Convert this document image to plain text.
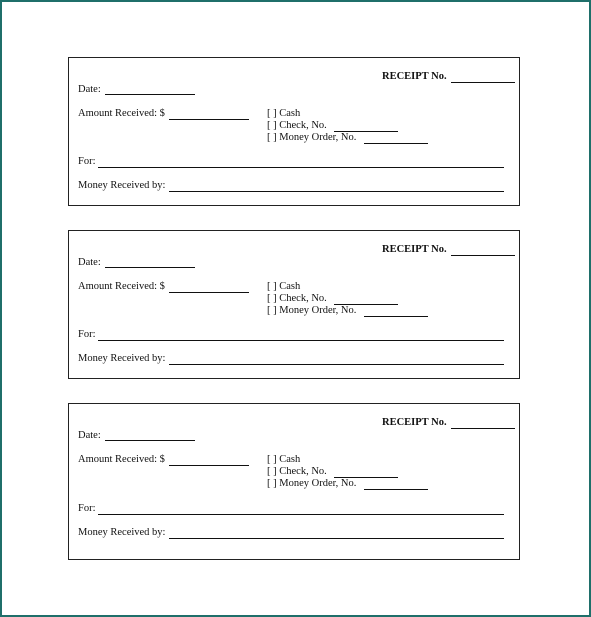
RECEIPT No.
Date:
Amount Received: $	[ ] Cash
[ ] Check, No.
[ ] Money Order, No.
For:
Money Received by:
RECEIPT No.
Date:
Amount Received: $	[ ] Cash
[ ] Check, No.
[ ] Money Order, No.
For:
Money Received by:
RECEIPT No.
Date:
Amount Received: $	[ ] Cash
[ ] Check, No.
[ ] Money Order, No.
For:
Money Received by:
